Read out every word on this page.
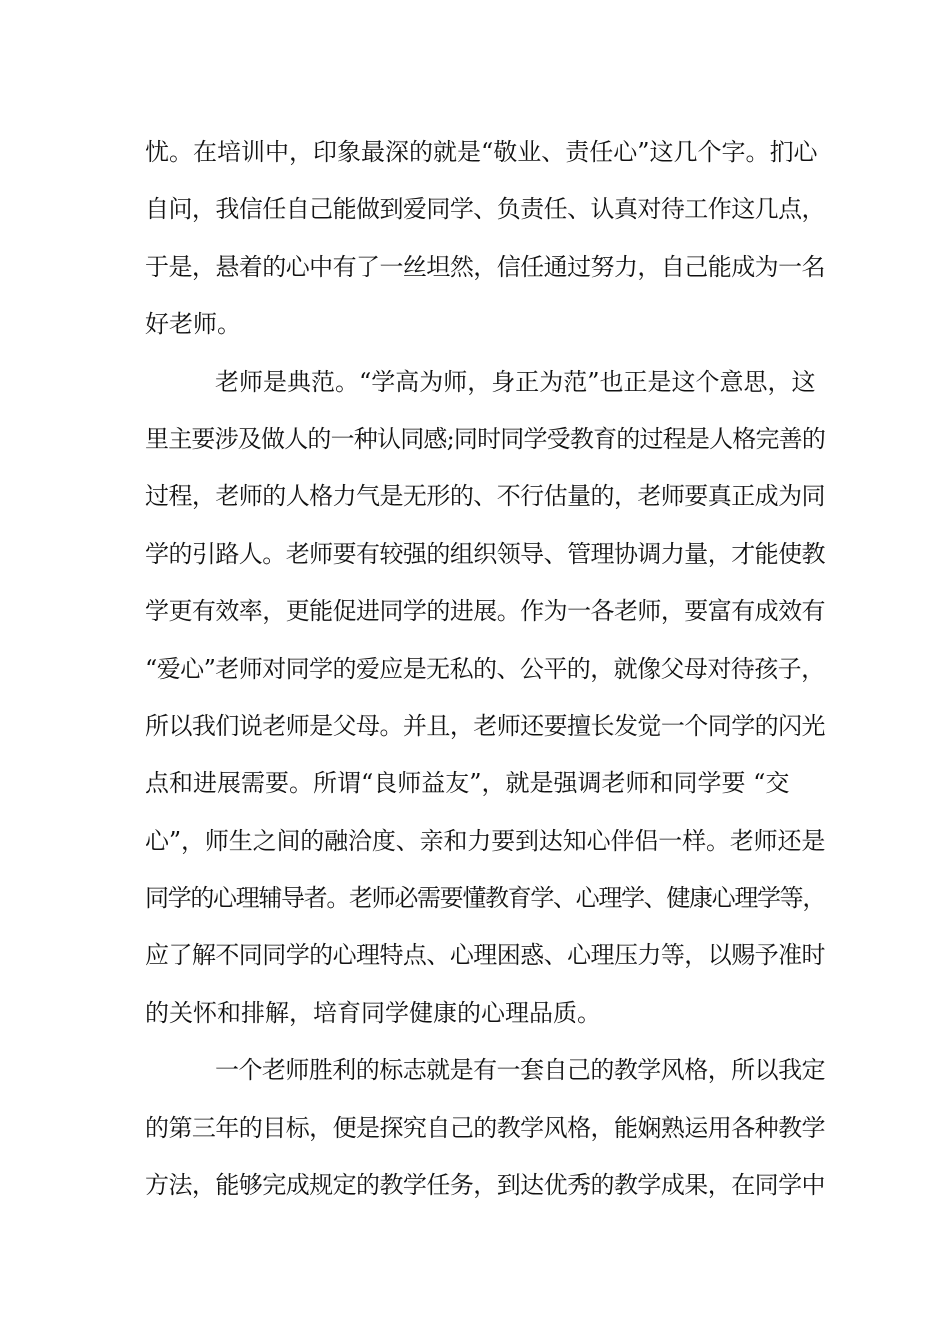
忧。在培训中，印象最深的就是“敬业、责任心”这几个字。扪心
自问，我信任自己能做到爱同学、负责任、认真对待工作这几点，
于是，悬着的心中有了一丝坦然，信任通过努力，自己能成为一名
好老师。
老师是典范。“学高为师，身正为范”也正是这个意思，这
里主要涉及做人的一种认同感;同时同学受教育的过程是人格完善的
过程，老师的人格力气是无形的、不行估量的，老师要真正成为同
学的引路人。老师要有较强的组织领导、管理协调力量，才能使教
学更有效率，更能促进同学的进展。作为一各老师，要富有成效有
“爱心”老师对同学的爱应是无私的、公平的，就像父母对待孩子，
所以我们说老师是父母。并且，老师还要擅长发觉一个同学的闪光
点和进展需要。所谓“良师益友”，就是强调老师和同学要 “交
心”，师生之间的融洽度、亲和力要到达知心伴侣一样。老师还是
同学的心理辅导者。老师必需要懂教育学、心理学、健康心理学等，
应了解不同同学的心理特点、心理困惑、心理压力等，以赐予准时
的关怀和排解，培育同学健康的心理品质。
一个老师胜利的标志就是有一套自己的教学风格，所以我定
的第三年的目标，便是探究自己的教学风格，能娴熟运用各种教学
方法，能够完成规定的教学任务，到达优秀的教学成果，在同学中
